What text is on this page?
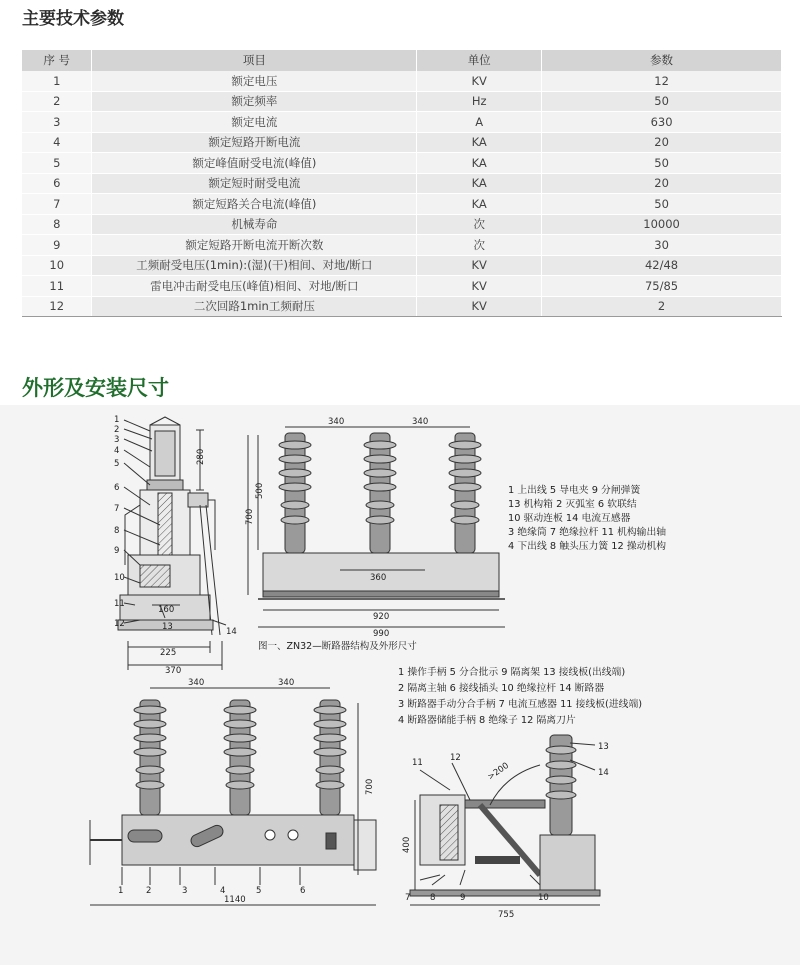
主要技术参数
序 号	项目	单位	参数
1	额定电压	KV	12
2	额定频率	Hz	50
3	额定电流	A	630
4	额定短路开断电流	KA	20
5	额定峰值耐受电流(峰值)	KA	50
6	额定短时耐受电流	KA	20
7	额定短路关合电流(峰值)	KA	50
8	机械寿命	次	10000
9	额定短路开断电流开断次数	次	30
10	工频耐受电压(1min):(湿)(干)相间、对地/断口	KV	42/48
11	雷电冲击耐受电压(峰值)相间、对地/断口	KV	75/85
12	二次回路1min工频耐压	KV	2
外形及安装尺寸
1
2
3
4
5
6
7
8
9
10
11
12	13	14
280
160
225
370
340	340
500
700
360
920
990
1 上出线 5 导电夹 9 分闸弹簧
13 机构箱 2 灭弧室 6 软联结
10 驱动连板 14 电流互感器
3 绝缘筒 7 绝缘拉杆 11 机构输出轴
4 下出线 8 触头压力簧 12 操动机构
图一、ZN32—断路器结构及外形尺寸
340	340
700
1140
1	2	3	4	5	6
1 操作手柄 5 分合批示 9 隔离架 13 接线板(出线端)
2 隔离主轴 6 接线插头 10 绝缘拉杆 14 断路器
3 断路器手动分合手柄 7 电流互感器 11 接线板(进线端)
4 断路器储能手柄 8 绝缘子 12 隔离刀片
11	12
13
14
7 8	9	10
400
755
>200
